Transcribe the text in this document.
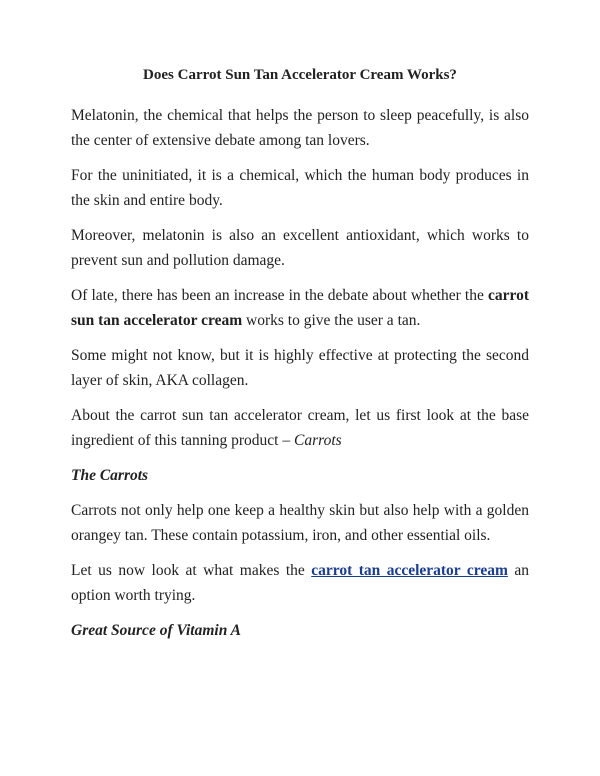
Does Carrot Sun Tan Accelerator Cream Works?

Melatonin, the chemical that helps the person to sleep peacefully, is also the center of extensive debate among tan lovers.

For the uninitiated, it is a chemical, which the human body produces in the skin and entire body.

Moreover, melatonin is also an excellent antioxidant, which works to prevent sun and pollution damage.

Of late, there has been an increase in the debate about whether the carrot sun tan accelerator cream works to give the user a tan.

Some might not know, but it is highly effective at protecting the second layer of skin, AKA collagen.

About the carrot sun tan accelerator cream, let us first look at the base ingredient of this tanning product – Carrots

The Carrots

Carrots not only help one keep a healthy skin but also help with a golden orangey tan. These contain potassium, iron, and other essential oils.

Let us now look at what makes the carrot tan accelerator cream an option worth trying.

Great Source of Vitamin A
